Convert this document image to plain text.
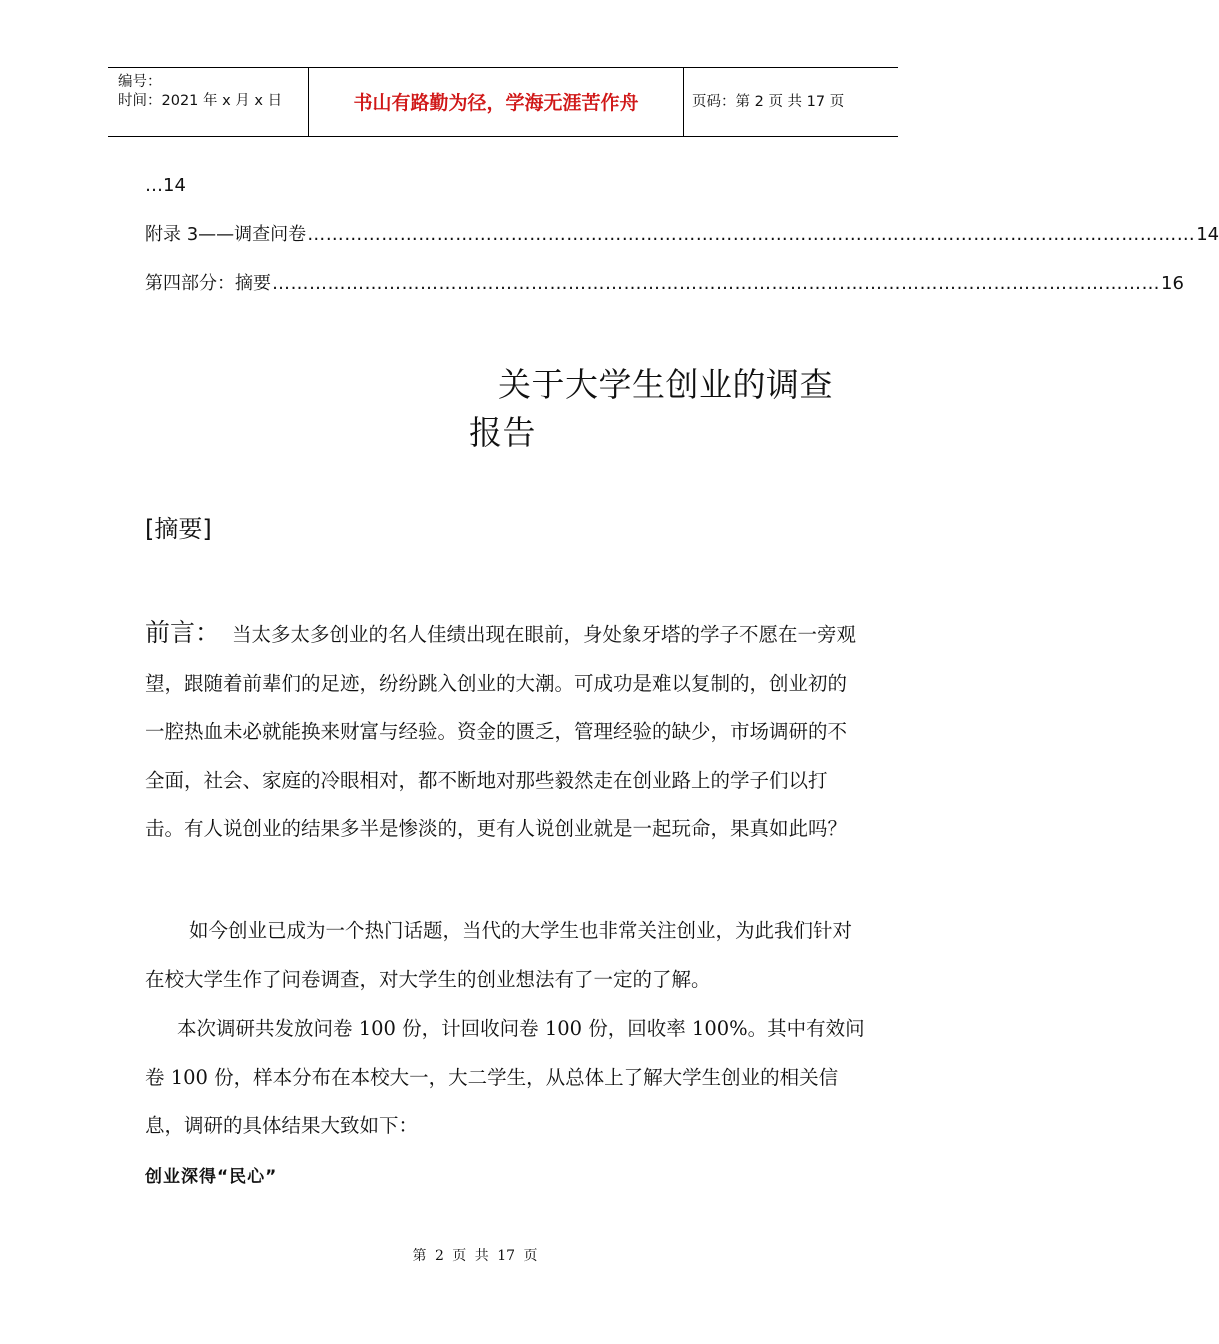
编号：
时间：2021 年 x 月 x 日	书山有路勤为径，学海无涯苦作舟	页码：第 2 页 共 17 页
…14
附录 3——调查问卷 ……………………………………………………………………………………………………………………………… 14
第四部分：摘要 ……………………………………………………………………………………………………………………………… 16
关于大学生创业的调查
报告
[摘要]

前言： 当太多太多创业的名人佳绩出现在眼前，身处象牙塔的学子不愿在一旁观望，跟随着前辈们的足迹，纷纷跳入创业的大潮。可成功是难以复制的，创业初的一腔热血未必就能换来财富与经验。资金的匮乏，管理经验的缺少，市场调研的不全面，社会、家庭的冷眼相对，都不断地对那些毅然走在创业路上的学子们以打击。有人说创业的结果多半是惨淡的，更有人说创业就是一起玩命，果真如此吗？

如今创业已成为一个热门话题，当代的大学生也非常关注创业，为此我们针对在校大学生作了问卷调查，对大学生的创业想法有了一定的了解。

本次调研共发放问卷 100 份，计回收问卷 100 份，回收率 100%。其中有效问卷 100 份，样本分布在本校大一，大二学生，从总体上了解大学生创业的相关信息，调研的具体结果大致如下：

创业深得“民心”
第 2 页 共 17 页
